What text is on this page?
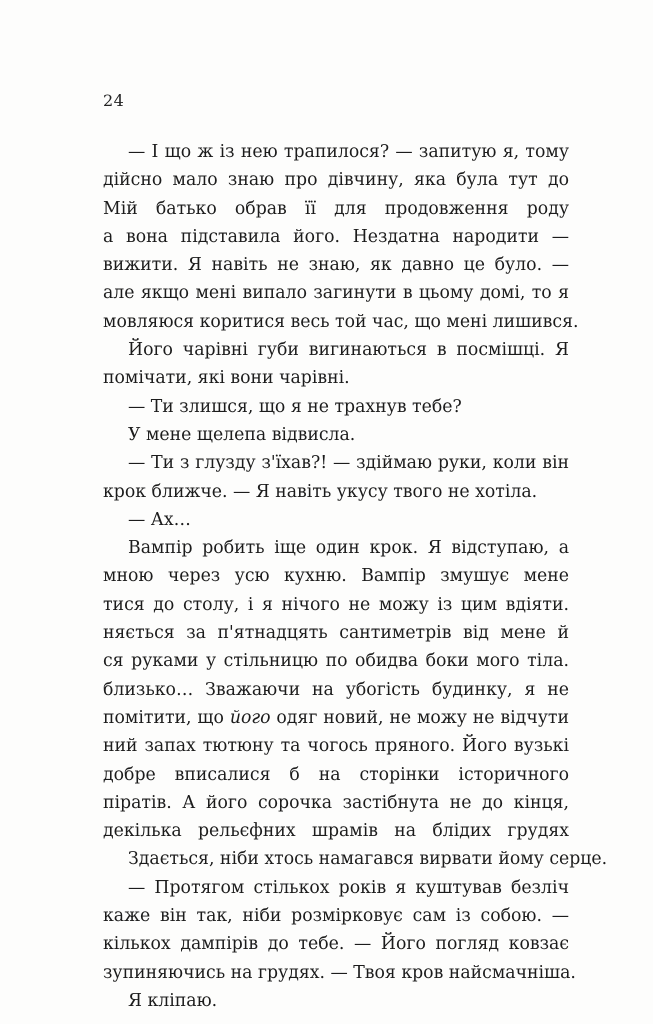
24
— І що ж із нею трапилося? — запитую я, тому
дійсно мало знаю про дівчину, яка була тут до
Мій батько обрав її для продовження роду
а вона підставила його. Нездатна народити —
вижити. Я навіть не знаю, як давно це було. —
але якщо мені випало загинути в цьому домі, то я
мовляюся коритися весь той час, що мені лишився.
Його чарівні губи вигинаються в посмішці. Я
помічати, які вони чарівні.
— Ти злишся, що я не трахнув тебе?
У мене щелепа відвисла.
— Ти з глузду з'їхав?! — здіймаю руки, коли він
крок ближче. — Я навіть укусу твого не хотіла.
— Ах…
Вампір робить іще один крок. Я відступаю, а
мною через усю кухню. Вампір змушує мене
тися до столу, і я нічого не можу із цим вдіяти.
няється за п'ятнадцять сантиметрів від мене й
ся руками у стільницю по обидва боки мого тіла.
близько… Зважаючи на убогість будинку, я не
помітити, що його одяг новий, не можу не відчути
ний запах тютюну та чогось пряного. Його вузькі
добре вписалися б на сторінки історичного
піратів. А його сорочка застібнута не до кінця,
декілька рельєфних шрамів на блідих грудях
Здається, ніби хтось намагався вирвати йому серце.
— Протягом стількох років я куштував безліч
каже він так, ніби розмірковує сам із собою. —
кількох дампірів до тебе. — Його погляд ковзає
зупиняючись на грудях. — Твоя кров найсмачніша.
Я кліпаю.
